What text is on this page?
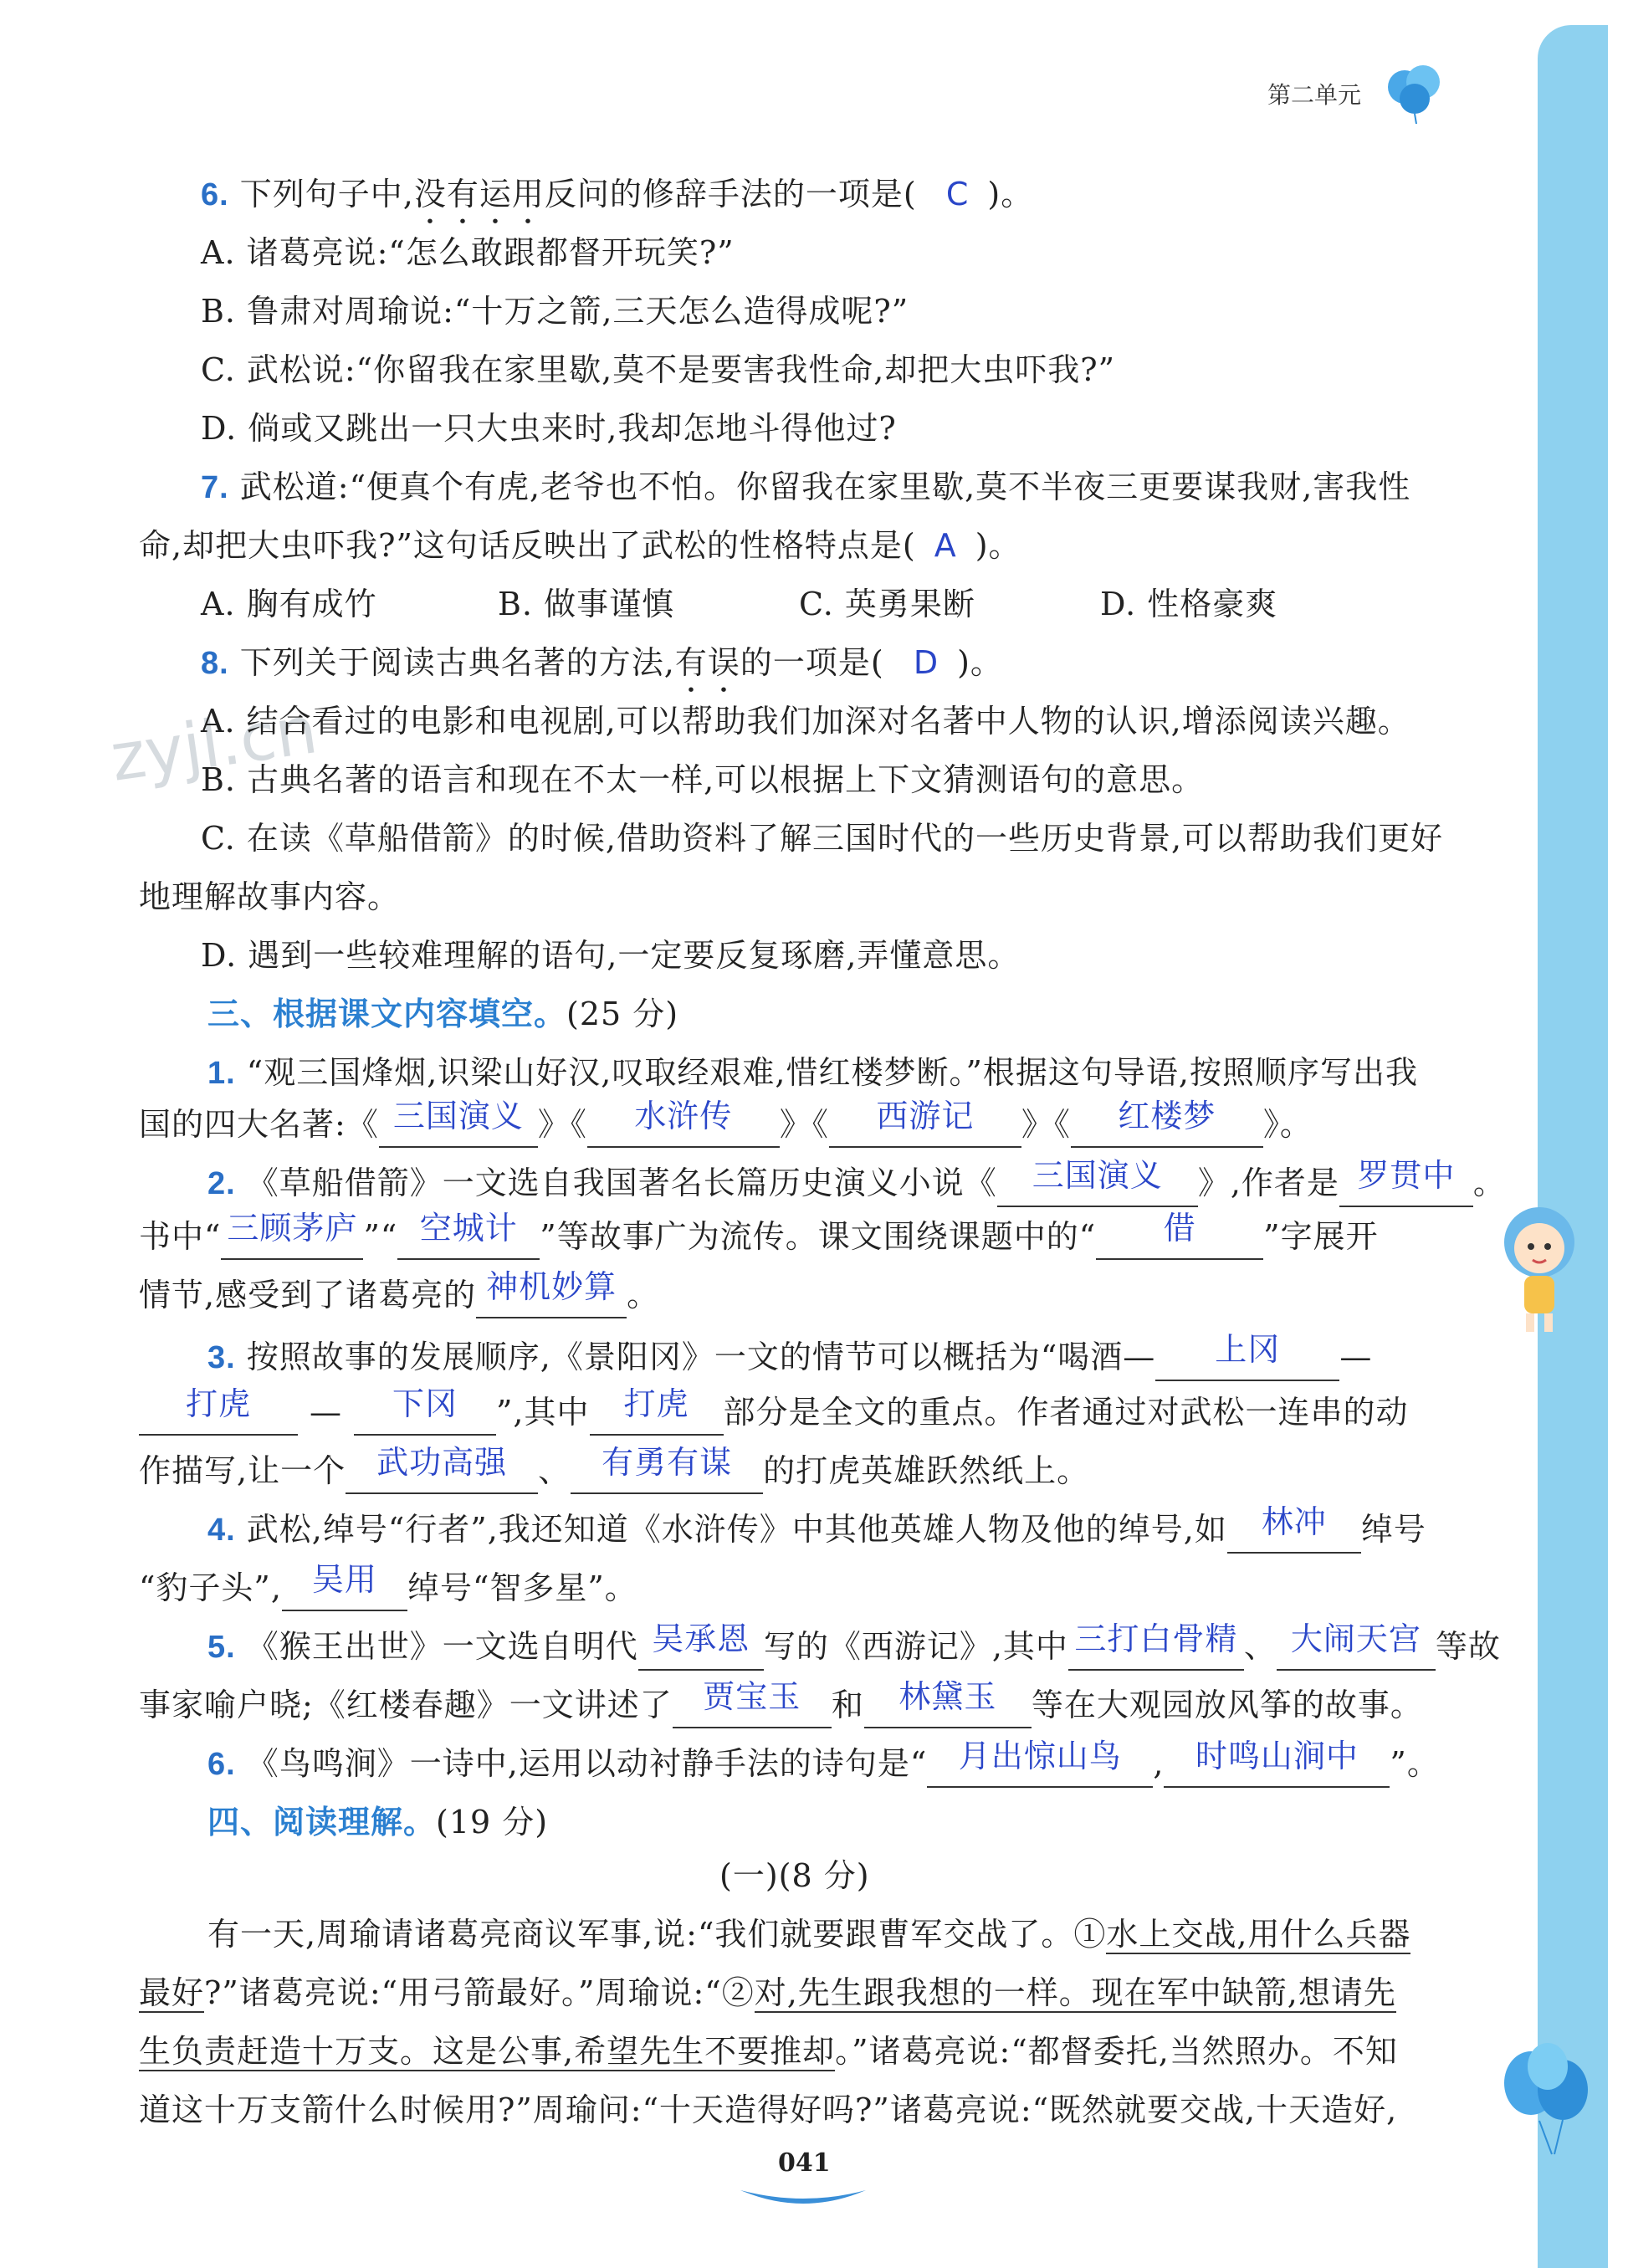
第二单元
zyjl.cn
6. 下列句子中,没有运用反问的修辞手法的一项是( C )。
A. 诸葛亮说:“怎么敢跟都督开玩笑?”
B. 鲁肃对周瑜说:“十万之箭,三天怎么造得成呢?”
C. 武松说:“你留我在家里歇,莫不是要害我性命,却把大虫吓我?”
D. 倘或又跳出一只大虫来时,我却怎地斗得他过?
7. 武松道:“便真个有虎,老爷也不怕。你留我在家里歇,莫不半夜三更要谋我财,害我性
命,却把大虫吓我?”这句话反映出了武松的性格特点是( A )。
A. 胸有成竹	B. 做事谨慎	C. 英勇果断	D. 性格豪爽
8. 下列关于阅读古典名著的方法,有误的一项是( D )。
A. 结合看过的电影和电视剧,可以帮助我们加深对名著中人物的认识,增添阅读兴趣。
B. 古典名著的语言和现在不太一样,可以根据上下文猜测语句的意思。
C. 在读《草船借箭》的时候,借助资料了解三国时代的一些历史背景,可以帮助我们更好
地理解故事内容。
D. 遇到一些较难理解的语句,一定要反复琢磨,弄懂意思。
三、根据课文内容填空。(25 分)
1. “观三国烽烟,识梁山好汉,叹取经艰难,惜红楼梦断。”根据这句导语,按照顺序写出我
国的四大名著:《 三国演义 》《 水浒传 》《 西游记 》《 红楼梦 》。
2. 《草船借箭》一文选自我国著名长篇历史演义小说《 三国演义 》,作者是 罗贯中 。
书中“ 三顾茅庐 ”“ 空城计 ”等故事广为流传。课文围绕课题中的“ 借 ”字展开
情节,感受到了诸葛亮的 神机妙算 。
3. 按照故事的发展顺序,《景阳冈》一文的情节可以概括为“喝酒— 上冈 —
打虎 — 下冈 ”,其中 打虎 部分是全文的重点。作者通过对武松一连串的动
作描写,让一个 武功高强 、 有勇有谋 的打虎英雄跃然纸上。
4. 武松,绰号“行者”,我还知道《水浒传》中其他英雄人物及他的绰号,如 林冲 绰号
“豹子头”, 吴用 绰号“智多星”。
5. 《猴王出世》一文选自明代 吴承恩 写的《西游记》,其中 三打白骨精 、 大闹天宫 等故
事家喻户晓;《红楼春趣》一文讲述了 贾宝玉 和 林黛玉 等在大观园放风筝的故事。
6. 《鸟鸣涧》一诗中,运用以动衬静手法的诗句是“ 月出惊山鸟 , 时鸣山涧中 ”。
四、阅读理解。(19 分)
(一)(8 分)
有一天,周瑜请诸葛亮商议军事,说:“我们就要跟曹军交战了。①水上交战,用什么兵器
最好?”诸葛亮说:“用弓箭最好。”周瑜说:“②对,先生跟我想的一样。现在军中缺箭,想请先
生负责赶造十万支。这是公事,希望先生不要推却。”诸葛亮说:“都督委托,当然照办。不知
道这十万支箭什么时候用?”周瑜问:“十天造得好吗?”诸葛亮说:“既然就要交战,十天造好,
041
